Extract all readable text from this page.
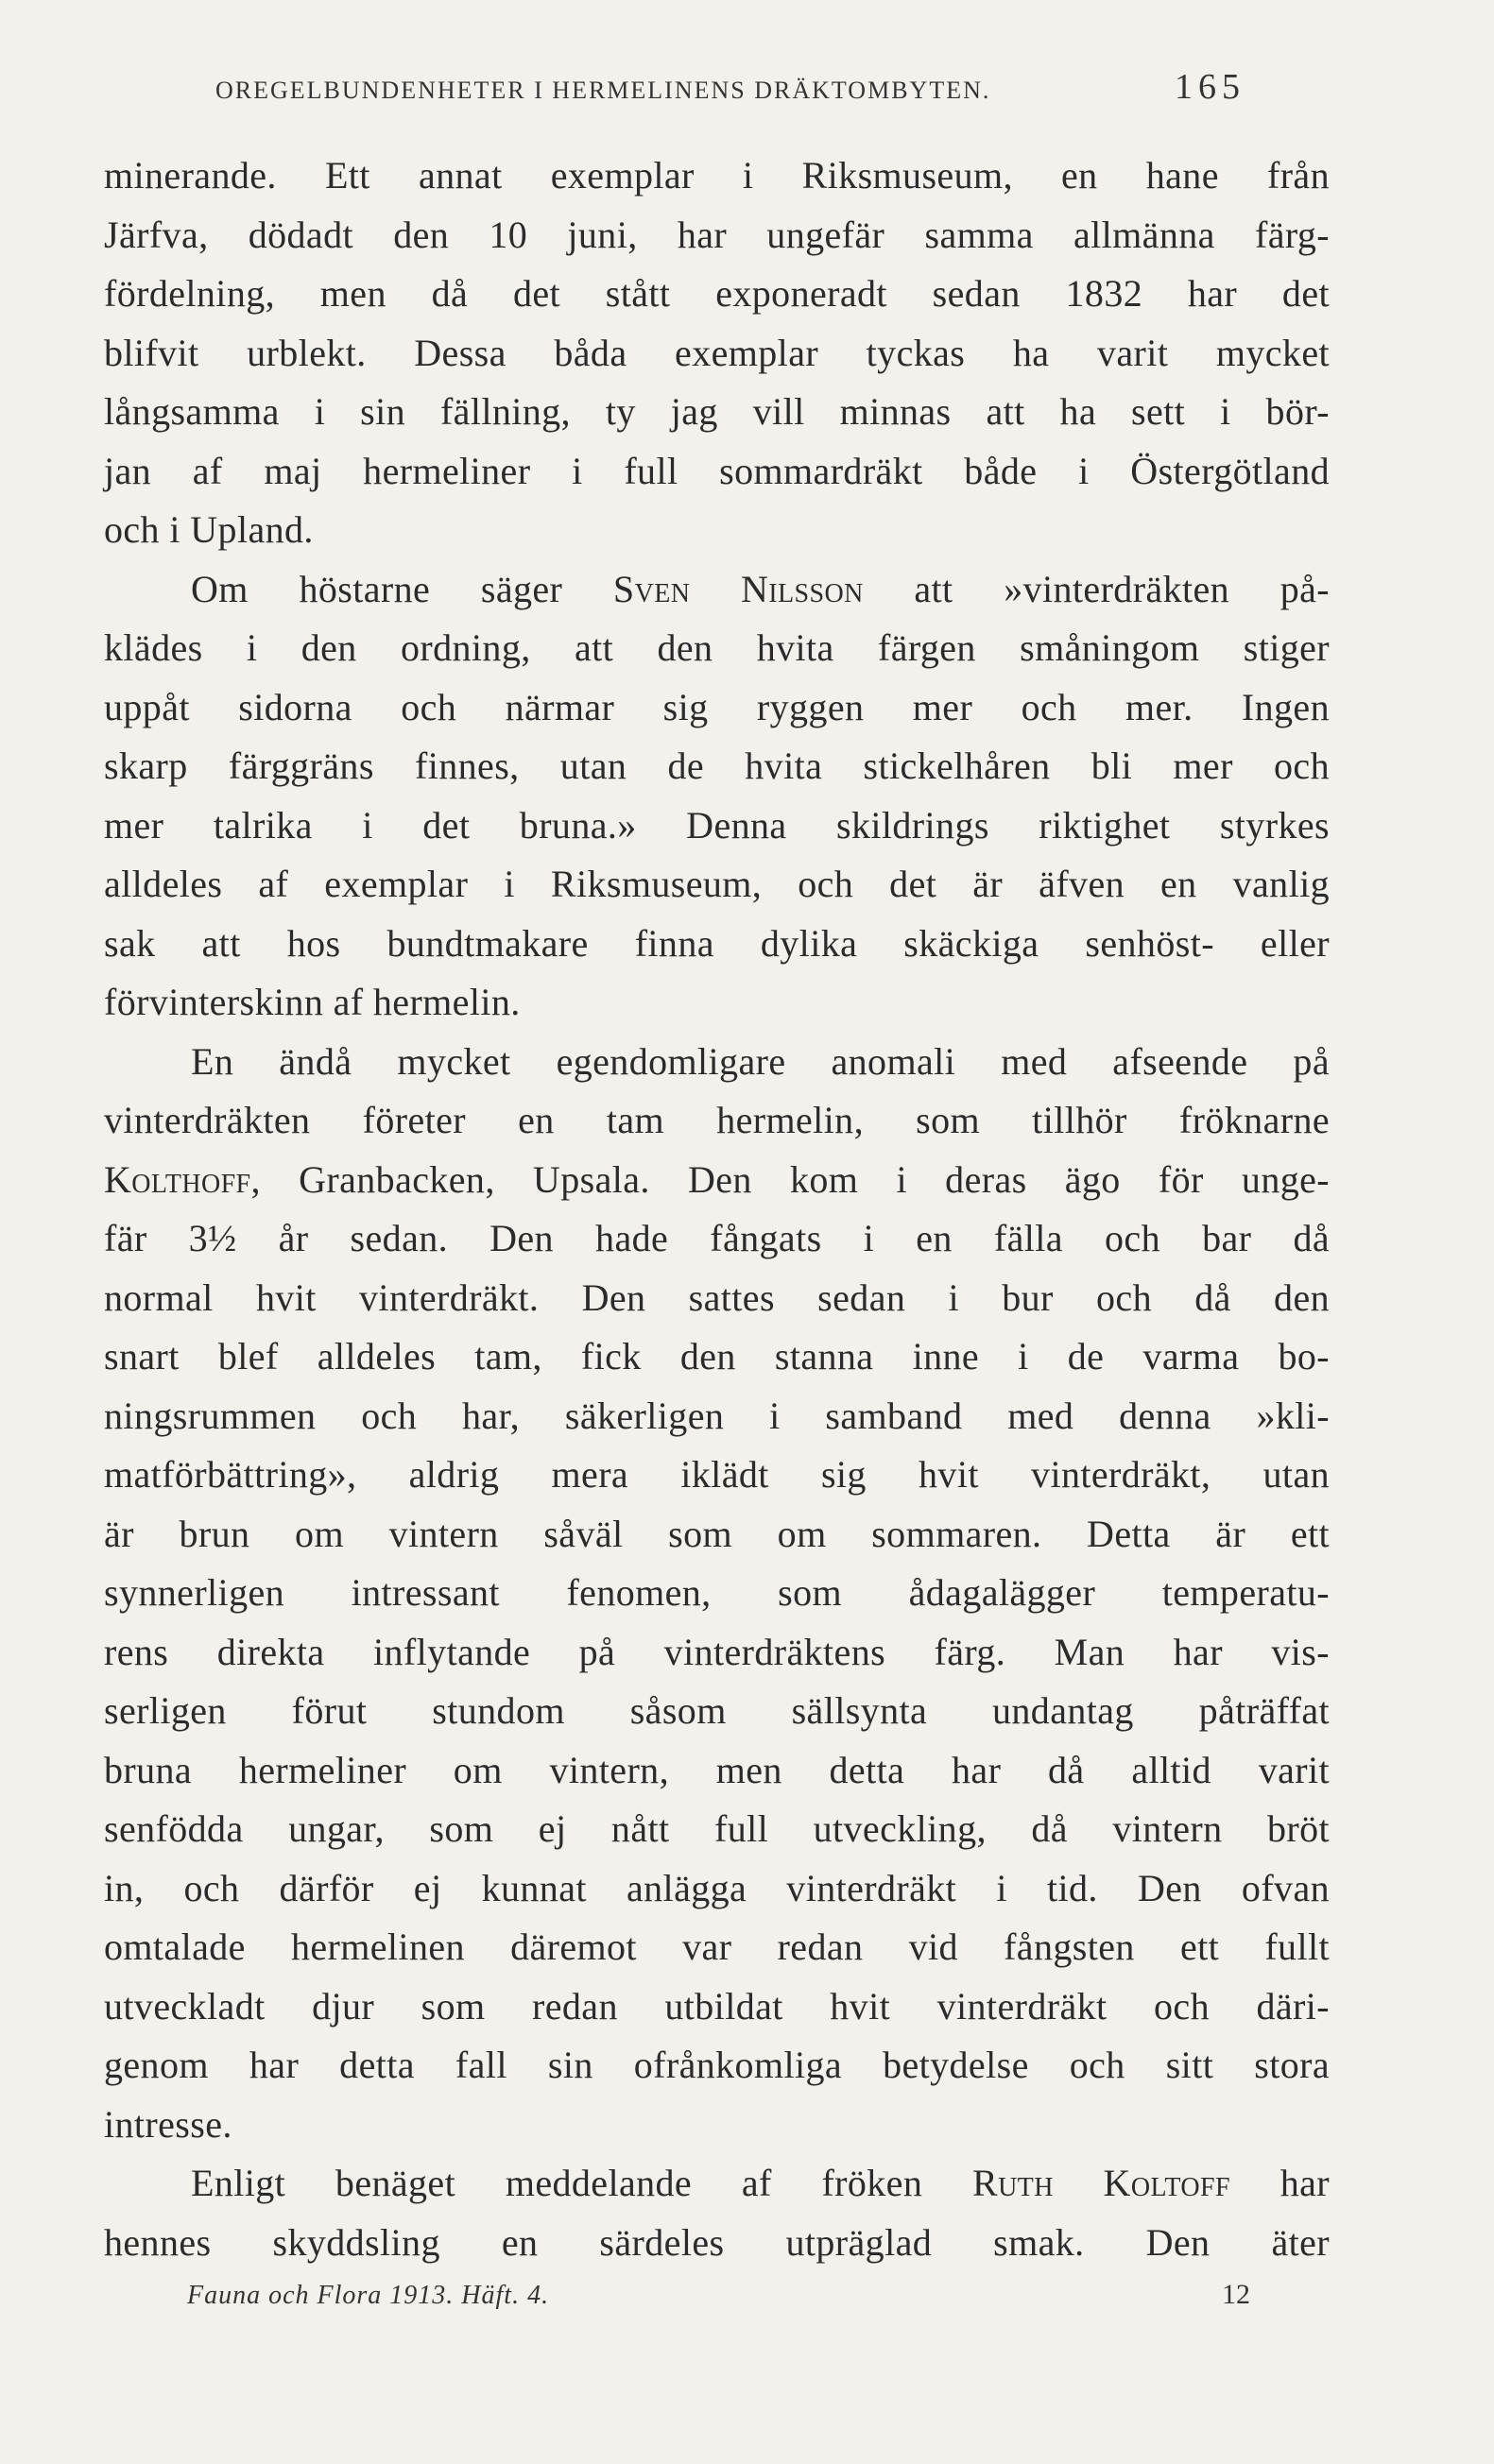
OREGELBUNDENHETER I HERMELINENS DRÄKTOMBYTEN.	165
minerande. Ett annat exemplar i Riksmuseum, en hane från
Järfva, dödadt den 10 juni, har ungefär samma allmänna färg-
fördelning, men då det stått exponeradt sedan 1832 har det
blifvit urblekt. Dessa båda exemplar tyckas ha varit mycket
långsamma i sin fällning, ty jag vill minnas att ha sett i bör-
jan af maj hermeliner i full sommardräkt både i Östergötland
och i Upland.
Om höstarne säger Sven Nilsson att »vinterdräkten på-
klädes i den ordning, att den hvita färgen småningom stiger
uppåt sidorna och närmar sig ryggen mer och mer. Ingen
skarp färggräns finnes, utan de hvita stickelhåren bli mer och
mer talrika i det bruna.» Denna skildrings riktighet styrkes
alldeles af exemplar i Riksmuseum, och det är äfven en vanlig
sak att hos bundtmakare finna dylika skäckiga senhöst- eller
förvinterskinn af hermelin.
En ändå mycket egendomligare anomali med afseende på
vinterdräkten företer en tam hermelin, som tillhör fröknarne
Kolthoff, Granbacken, Upsala. Den kom i deras ägo för unge-
fär 3½ år sedan. Den hade fångats i en fälla och bar då
normal hvit vinterdräkt. Den sattes sedan i bur och då den
snart blef alldeles tam, fick den stanna inne i de varma bo-
ningsrummen och har, säkerligen i samband med denna »kli-
matförbättring», aldrig mera iklädt sig hvit vinterdräkt, utan
är brun om vintern såväl som om sommaren. Detta är ett
synnerligen intressant fenomen, som ådagalägger temperatu-
rens direkta inflytande på vinterdräktens färg. Man har vis-
serligen förut stundom såsom sällsynta undantag påträffat
bruna hermeliner om vintern, men detta har då alltid varit
senfödda ungar, som ej nått full utveckling, då vintern bröt
in, och därför ej kunnat anlägga vinterdräkt i tid. Den ofvan
omtalade hermelinen däremot var redan vid fångsten ett fullt
utveckladt djur som redan utbildat hvit vinterdräkt och däri-
genom har detta fall sin ofrånkomliga betydelse och sitt stora
intresse.
Enligt benäget meddelande af fröken Ruth Koltoff har
hennes skyddsling en särdeles utpräglad smak. Den äter
Fauna och Flora 1913. Häft. 4.	12
